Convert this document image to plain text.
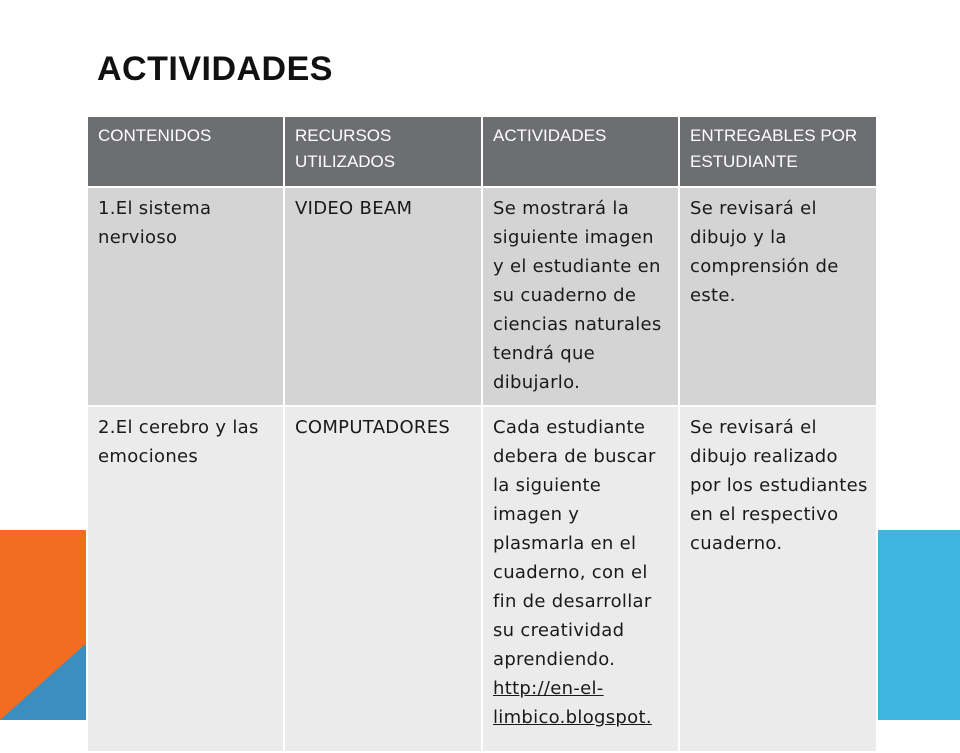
ACTIVIDADES
CONTENIDOS	RECURSOS UTILIZADOS	ACTIVIDADES	ENTREGABLES POR ESTUDIANTE
1.El sistema nervioso	VIDEO BEAM	Se mostrará la siguiente imagen y el estudiante en su cuaderno de ciencias naturales tendrá que dibujarlo.	Se revisará el dibujo y la comprensión de este.
2.El cerebro y las emociones	COMPUTADORES	Cada estudiante debera de buscar la siguiente imagen y plasmarla en el cuaderno, con el fin de desarrollar su creatividad aprendiendo. http://en-el-limbico.blogspot.	Se revisará el dibujo realizado por los estudiantes en el respectivo cuaderno.
